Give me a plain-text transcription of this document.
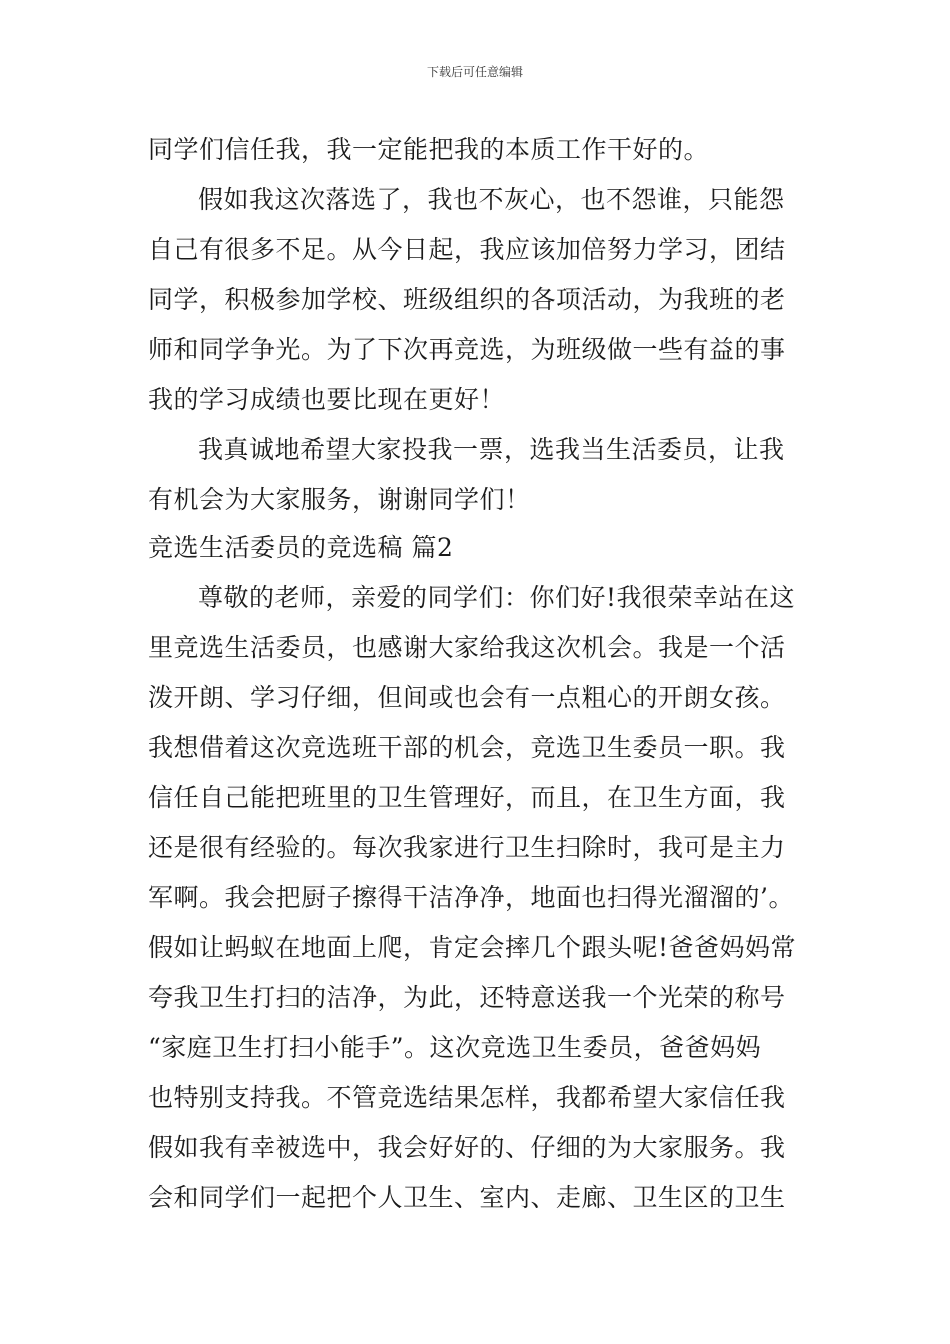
下载后可任意编辑
同学们信任我，我一定能把我的本质工作干好的。
假如我这次落选了，我也不灰心，也不怨谁，只能怨
自己有很多不足。从今日起，我应该加倍努力学习，团结
同学，积极参加学校、班级组织的各项活动，为我班的老
师和同学争光。为了下次再竞选，为班级做一些有益的事
我的学习成绩也要比现在更好！
我真诚地希望大家投我一票，选我当生活委员，让我
有机会为大家服务，谢谢同学们！
竞选生活委员的竞选稿 篇2
尊敬的老师，亲爱的同学们：你们好!我很荣幸站在这
里竞选生活委员，也感谢大家给我这次机会。我是一个活
泼开朗、学习仔细，但间或也会有一点粗心的开朗女孩。
我想借着这次竞选班干部的机会，竞选卫生委员一职。我
信任自己能把班里的卫生管理好，而且，在卫生方面，我
还是很有经验的。每次我家进行卫生扫除时，我可是主力
军啊。我会把厨子擦得干洁净净，地面也扫得光溜溜的’。
假如让蚂蚁在地面上爬，肯定会摔几个跟头呢!爸爸妈妈常
夸我卫生打扫的洁净，为此，还特意送我一个光荣的称号
“家庭卫生打扫小能手”。这次竞选卫生委员，爸爸妈妈
也特别支持我。不管竞选结果怎样，我都希望大家信任我
假如我有幸被选中，我会好好的、仔细的为大家服务。我
会和同学们一起把个人卫生、室内、走廊、卫生区的卫生
